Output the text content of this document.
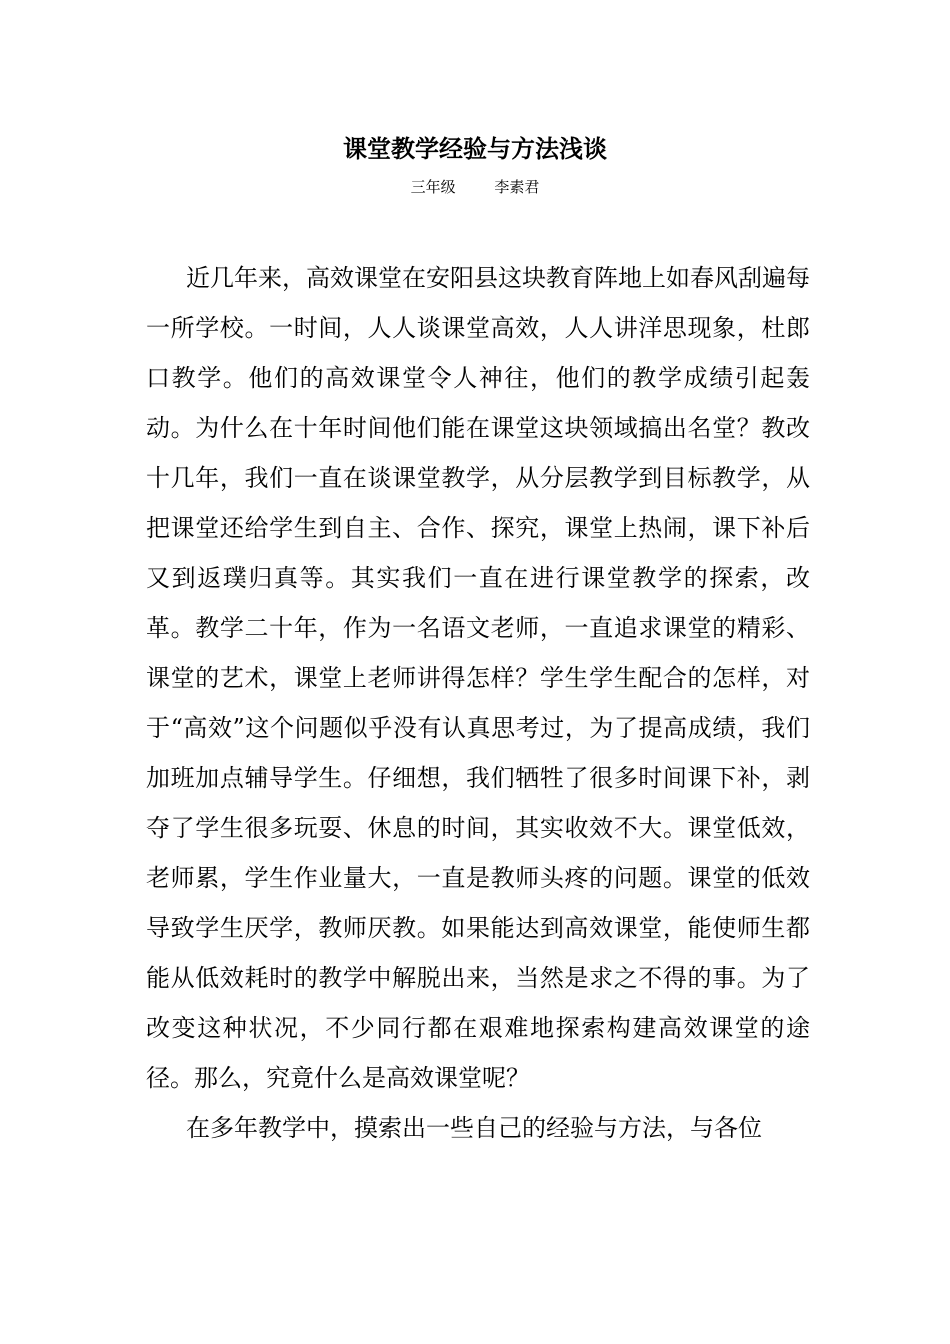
课堂教学经验与方法浅谈
三年级	李素君

近几年来，高效课堂在安阳县这块教育阵地上如春风刮遍每一所学校。一时间，人人谈课堂高效，人人讲洋思现象，杜郎口教学。他们的高效课堂令人神往，他们的教学成绩引起轰动。为什么在十年时间他们能在课堂这块领域搞出名堂？教改十几年，我们一直在谈课堂教学，从分层教学到目标教学，从把课堂还给学生到自主、合作、探究，课堂上热闹，课下补后又到返璞归真等。其实我们一直在进行课堂教学的探索，改革。教学二十年，作为一名语文老师，一直追求课堂的精彩、课堂的艺术，课堂上老师讲得怎样？学生学生配合的怎样，对于“高效”这个问题似乎没有认真思考过，为了提高成绩，我们加班加点辅导学生。仔细想，我们牺牲了很多时间课下补，剥夺了学生很多玩耍、休息的时间，其实收效不大。课堂低效，老师累，学生作业量大，一直是教师头疼的问题。课堂的低效导致学生厌学，教师厌教。如果能达到高效课堂，能使师生都能从低效耗时的教学中解脱出来，当然是求之不得的事。为了改变这种状况，不少同行都在艰难地探索构建高效课堂的途径。那么，究竟什么是高效课堂呢？

在多年教学中，摸索出一些自己的经验与方法，与各位
